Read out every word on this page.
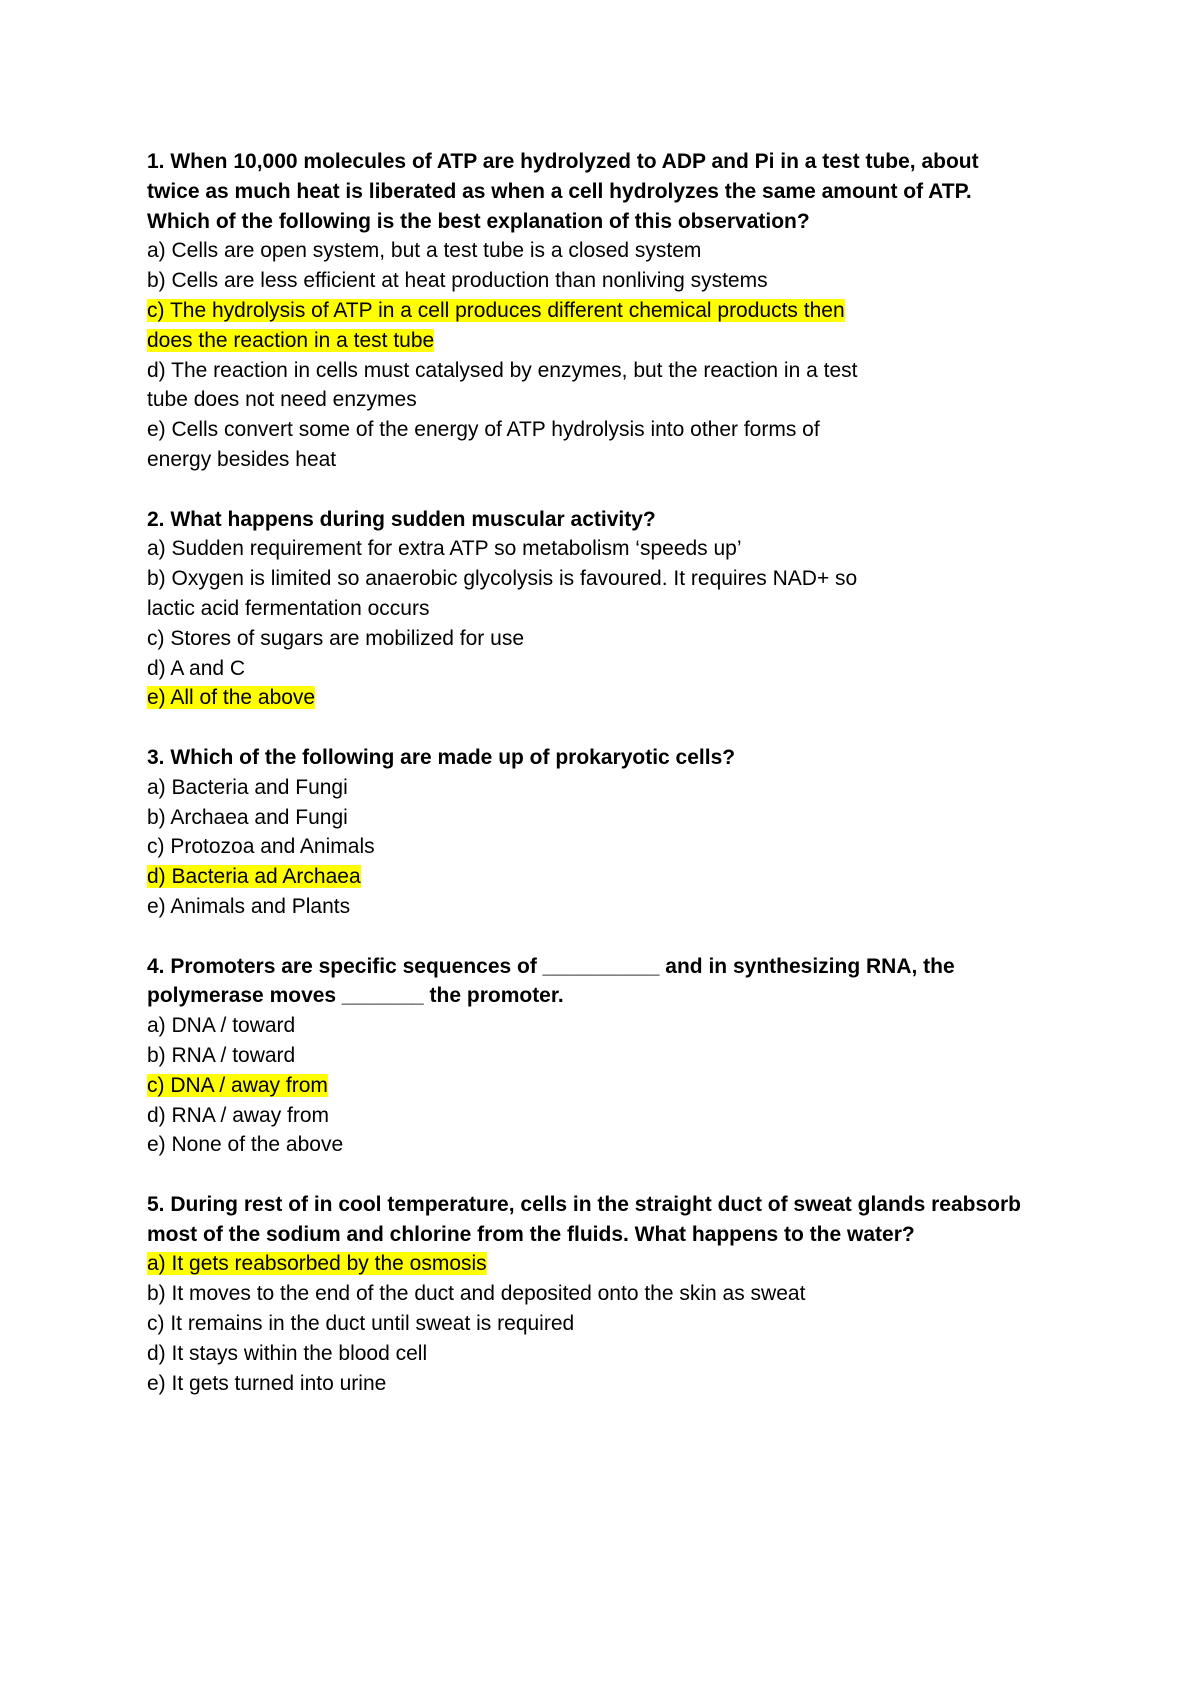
1. When 10,000 molecules of ATP are hydrolyzed to ADP and Pi in a test tube, about
twice as much heat is liberated as when a cell hydrolyzes the same amount of ATP.
Which of the following is the best explanation of this observation?
a) Cells are open system, but a test tube is a closed system
b) Cells are less efficient at heat production than nonliving systems
c) The hydrolysis of ATP in a cell produces different chemical products then
does the reaction in a test tube
d) The reaction in cells must catalysed by enzymes, but the reaction in a test
tube does not need enzymes
e) Cells convert some of the energy of ATP hydrolysis into other forms of
energy besides heat
2. What happens during sudden muscular activity?
a) Sudden requirement for extra ATP so metabolism ‘speeds up’
b) Oxygen is limited so anaerobic glycolysis is favoured. It requires NAD+ so
lactic acid fermentation occurs
c) Stores of sugars are mobilized for use
d) A and C
e) All of the above
3. Which of the following are made up of prokaryotic cells?
a) Bacteria and Fungi
b) Archaea and Fungi
c) Protozoa and Animals
d) Bacteria ad Archaea
e) Animals and Plants
4. Promoters are specific sequences of __________ and in synthesizing RNA, the
polymerase moves _______ the promoter.
a) DNA / toward
b) RNA / toward
c) DNA / away from
d) RNA / away from
e) None of the above
5. During rest of in cool temperature, cells in the straight duct of sweat glands reabsorb
most of the sodium and chlorine from the fluids. What happens to the water?
a) It gets reabsorbed by the osmosis
b) It moves to the end of the duct and deposited onto the skin as sweat
c) It remains in the duct until sweat is required
d) It stays within the blood cell
e) It gets turned into urine
